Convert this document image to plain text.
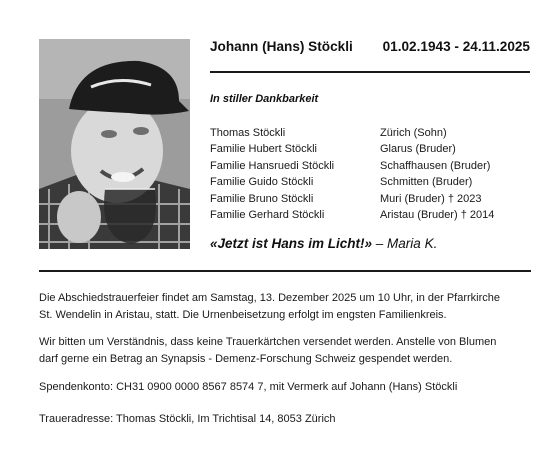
Johann (Hans) Stöckli 01.02.1943 - 24.11.2025
In stiller Dankbarkeit
Thomas Stöckli	Zürich (Sohn)
Familie Hubert Stöckli	Glarus (Bruder)
Familie Hansruedi Stöckli	Schaffhausen (Bruder)
Familie Guido Stöckli	Schmitten (Bruder)
Familie Bruno Stöckli	Muri (Bruder) † 2023
Familie Gerhard Stöckli	Aristau (Bruder) † 2014
«Jetzt ist Hans im Licht!» – Maria K.
Die Abschiedstrauerfeier findet am Samstag, 13. Dezember 2025 um 10 Uhr, in der Pfarrkirche
St. Wendelin in Aristau, statt. Die Urnenbeisetzung erfolgt im engsten Familienkreis.
Wir bitten um Verständnis, dass keine Trauerkärtchen versendet werden. Anstelle von Blumen
darf gerne ein Betrag an Synapsis - Demenz-Forschung Schweiz gespendet werden.
Spendenkonto: CH31 0900 0000 8567 8574 7, mit Vermerk auf Johann (Hans) Stöckli
Traueradresse: Thomas Stöckli, Im Trichtisal 14, 8053 Zürich
